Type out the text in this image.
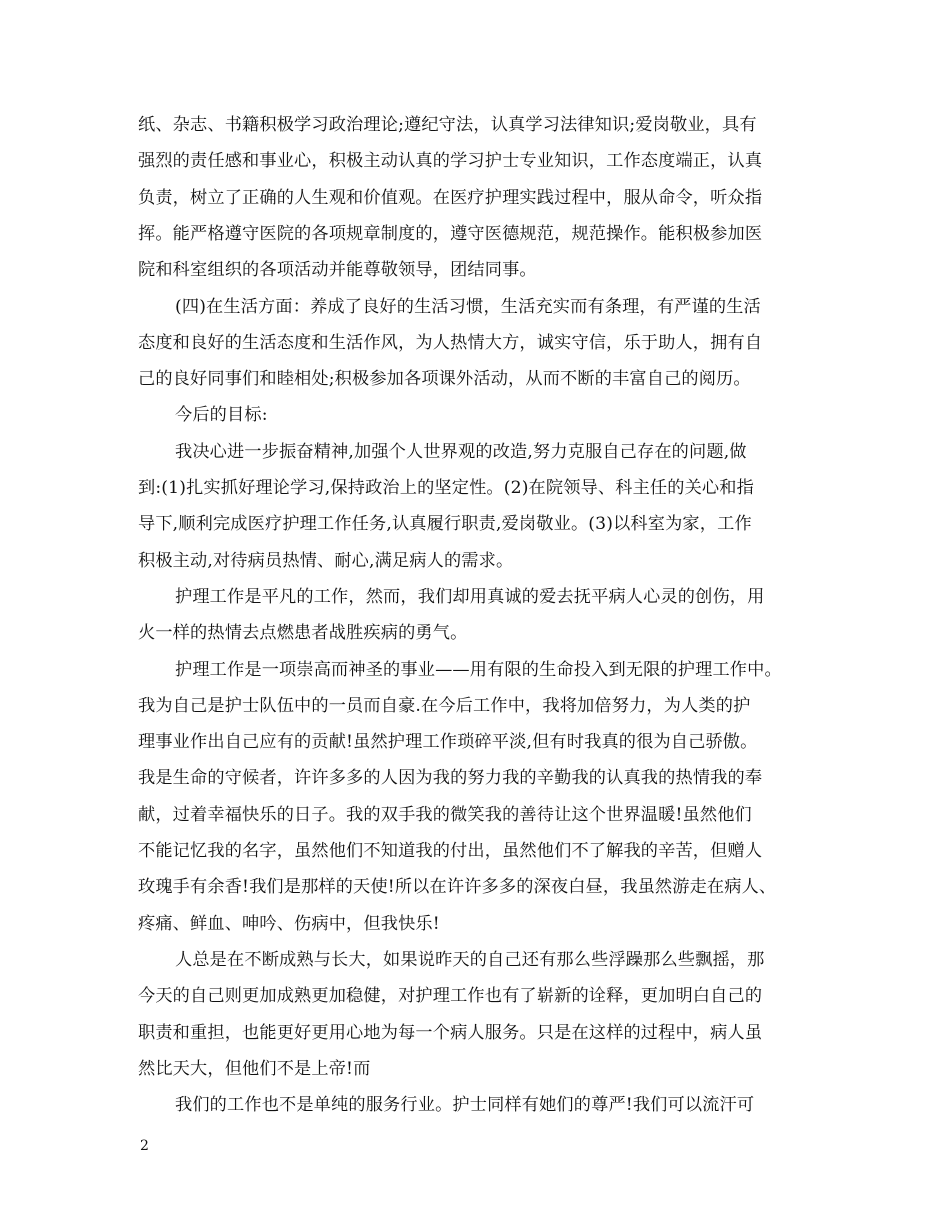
纸、杂志、书籍积极学习政治理论;遵纪守法，认真学习法律知识;爱岗敬业，具有
强烈的责任感和事业心，积极主动认真的学习护士专业知识，工作态度端正，认真
负责，树立了正确的人生观和价值观。在医疗护理实践过程中，服从命令，听众指
挥。能严格遵守医院的各项规章制度的，遵守医德规范，规范操作。能积极参加医
院和科室组织的各项活动并能尊敬领导，团结同事。
(四)在生活方面：养成了良好的生活习惯，生活充实而有条理，有严谨的生活
态度和良好的生活态度和生活作风，为人热情大方，诚实守信，乐于助人，拥有自
己的良好同事们和睦相处;积极参加各项课外活动，从而不断的丰富自己的阅历。
今后的目标:
我决心进一步振奋精神,加强个人世界观的改造,努力克服自己存在的问题,做
到:(1)扎实抓好理论学习,保持政治上的坚定性。(2)在院领导、科主任的关心和指
导下,顺利完成医疗护理工作任务,认真履行职责,爱岗敬业。(3)以科室为家，工作
积极主动,对待病员热情、耐心,满足病人的需求。
护理工作是平凡的工作，然而，我们却用真诚的爱去抚平病人心灵的创伤，用
火一样的热情去点燃患者战胜疾病的勇气。
护理工作是一项崇高而神圣的事业——用有限的生命投入到无限的护理工作中。
我为自己是护士队伍中的一员而自豪.在今后工作中，我将加倍努力，为人类的护
理事业作出自己应有的贡献!虽然护理工作琐碎平淡,但有时我真的很为自己骄傲。
我是生命的守候者，许许多多的人因为我的努力我的辛勤我的认真我的热情我的奉
献，过着幸福快乐的日子。我的双手我的微笑我的善待让这个世界温暖!虽然他们
不能记忆我的名字，虽然他们不知道我的付出，虽然他们不了解我的辛苦，但赠人
玫瑰手有余香!我们是那样的天使!所以在许许多多的深夜白昼，我虽然游走在病人、
疼痛、鲜血、呻吟、伤病中，但我快乐!
人总是在不断成熟与长大，如果说昨天的自己还有那么些浮躁那么些飘摇，那
今天的自己则更加成熟更加稳健，对护理工作也有了崭新的诠释，更加明白自己的
职责和重担，也能更好更用心地为每一个病人服务。只是在这样的过程中，病人虽
然比天大，但他们不是上帝!而
我们的工作也不是单纯的服务行业。护士同样有她们的尊严!我们可以流汗可
2
